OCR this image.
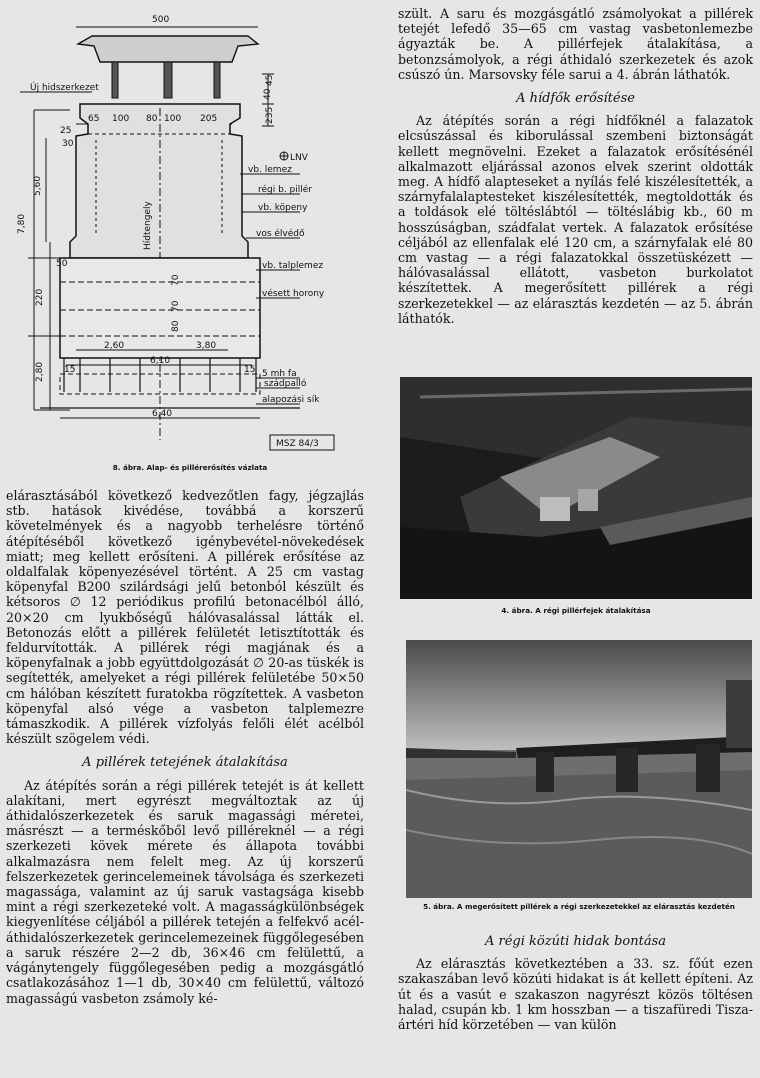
500
Új hidszerkezet
65 100 80 100 205
25
30
40
45
235
LNV
vb. lemez
régi b. pillér
vb. köpeny
vos élvédő
vb. talplemez
vésett horony
5 mh fa
szádpalló
alapozási sík
Hídtengely
5,60
7,80
220
2,80
50
15	15
70
70
80
2,60	3,80
6,10
6,40
MSZ 84/3
8. ábra. Alap- és pillérerősítés vázlata

elárasztásából következő kedvezőtlen fagy, jégzajlás stb. hatások kivédése, továbbá a korszerű követelmények és a nagyobb terhelésre történő átépítéséből következő igénybevétel-növekedések miatt; meg kellett erősíteni. A pillérek erősítése az oldalfalak köpenyezésével történt. A 25 cm vastag köpenyfal B200 szilárdsági jelű betonból készült és kétsoros ∅ 12 periódikus profilú betonacélból álló, 20×20 cm lyukbőségű hálóvasalással látták el. Betonozás előtt a pillérek felületét letisztították és feldurvították. A pillérek régi magjának és a köpenyfalnak a jobb együttdolgozását ∅ 20-as tüskék is segítették, amelyeket a régi pillérek felületébe 50×50 cm hálóban készített furatokba rögzítettek. A vasbeton köpenyfal alsó vége a vasbeton talplemezre támaszkodik. A pillérek vízfolyás felőli élét acélból készült szögelem védi.

A pillérek tetejének átalakítása

Az átépítés során a régi pillérek tetejét is át kellett alakítani, mert egyrészt megváltoztak az új áthidalószerkezetek és saruk magassági méretei, másrészt — a terméskőből levő pilléreknél — a régi szerkezeti kövek mérete és állapota további alkalmazásra nem felelt meg. Az új korszerű felszerkezetek gerincelemeinek távolsága és szerkezeti magassága, valamint az új saruk vastagsága kisebb mint a régi szerkezeteké volt. A magasságkülönbségek kiegyenlítése céljából a pillérek tetején a felfekvő acél-áthidalószerkezetek gerincelemezeinek függőlegesében a saruk részére 2—2 db, 36×46 cm felülettű, a vágánytengely függőlegesében pedig a mozgásgátló csatlakozásához 1—1 db, 30×40 cm felülettű, változó magasságú vasbeton zsámoly ké-

szült. A saru és mozgásgátló zsámolyokat a pillérek tetejét lefedő 35—65 cm vastag vasbetonlemezbe ágyazták be. A pillérfejek átalakítása, a betonzsámolyok, a régi áthidaló szerkezetek és azok csúszó ún. Marsovsky féle sarui a 4. ábrán láthatók.

A hídfők erősítése

Az átépítés során a régi hídfőknél a falazatok elcsúszással és kiborulással szembeni biztonságát kellett megnövelni. Ezeket a falazatok erősítésénél alkalmazott eljárással azonos elvek szerint oldották meg. A hídfő alapteseket a nyílás felé kiszélesítették, a szárnyfalalaptesteket kiszélesítették, megtoldották és a toldások elé töltéslábtól — töltéslábig kb., 60 m hosszúságban, szádfalat vertek. A falazatok erősítése céljából az ellenfalak elé 120 cm, a szárnyfalak elé 80 cm vastag — a régi falazatokkal összetüskézett — hálóvasalással ellátott, vasbeton burkolatot készítettek. A megerősített pillérek a régi szerkezetekkel — az elárasztás kezdetén — az 5. ábrán láthatók.

4. ábra. A régi pillérfejek átalakítása
5. ábra. A megerősített pillérek a régi szerkezetekkel az elárasztás kezdetén
A régi közúti hidak bontása

Az elárasztás következtében a 33. sz. főút ezen szakaszában levő közúti hidakat is át kellett építeni. Az út és a vasút e szakaszon nagyrészt közös töltésen halad, csupán kb. 1 km hosszban — a tiszafüredi Tisza-ártéri híd körzetében — van külön
